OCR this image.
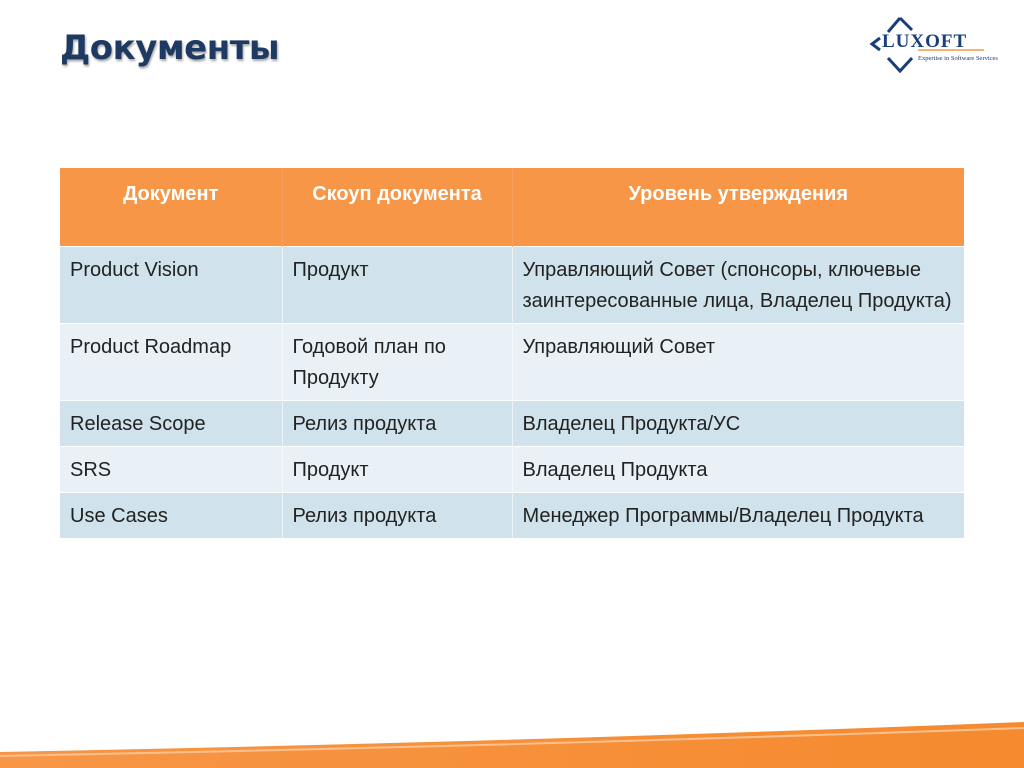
Документы	LUXOFT
Expertise in Software Services
Документ	Скоуп документа	Уровень утверждения
Product Vision	Продукт	Управляющий Совет (спонсоры, ключевые заинтересованные лица, Владелец Продукта)
Product Roadmap	Годовой план по Продукту	Управляющий Совет
Release Scope	Релиз продукта	Владелец Продукта/УС
SRS	Продукт	Владелец Продукта
Use Cases	Релиз продукта	Менеджер Программы/Владелец Продукта
